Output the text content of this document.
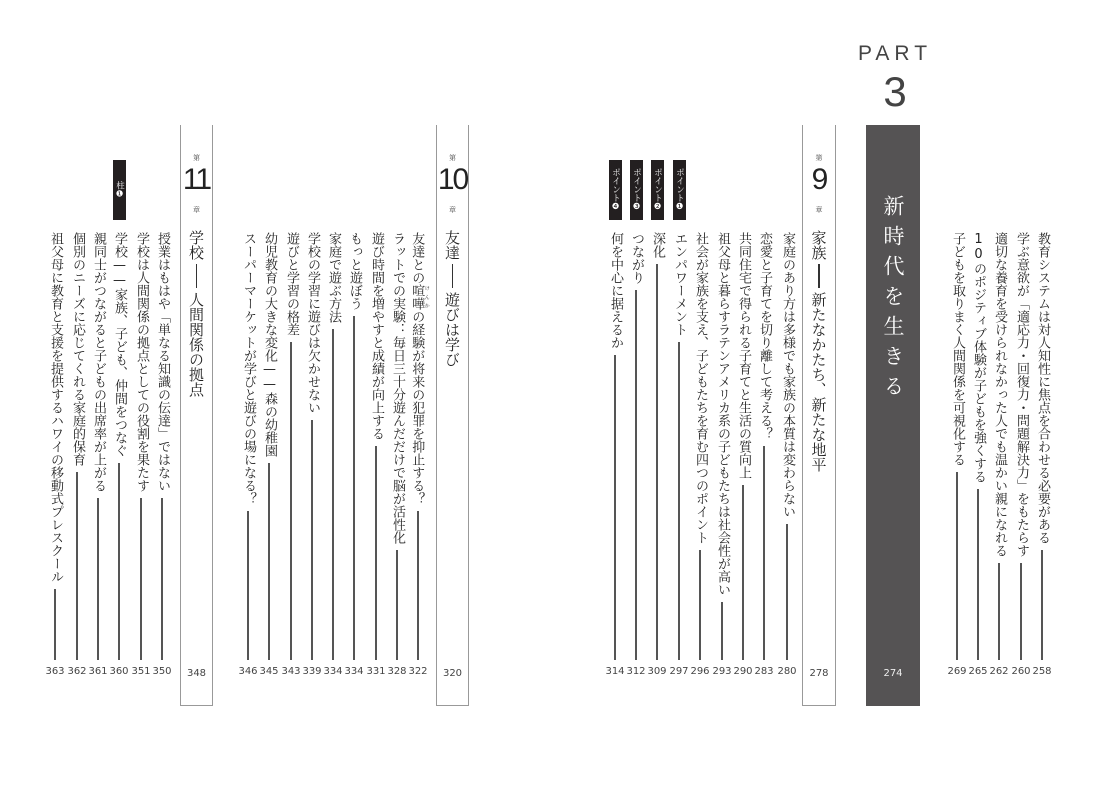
PART
3
新時代を生きる
274
教育システムは対人知性に焦点を合わせる必要がある
258
学ぶ意欲が「適応力・回復力・問題解決力」をもたらす
260
適切な養育を受けられなかった人でも温かい親になれる
262
10のポジティブ体験が子どもを強くする
265
子どもを取りまく人間関係を可視化する
269
第
9
章
家族
新たなかたち、新たな地平
278
家庭のあり方は多様でも家族の本質は変わらない
280
恋愛と子育てを切り離して考える？
283
共同住宅で得られる子育てと生活の質向上
290
祖父母と暮らすラテンアメリカ系の子どもたちは社会性が高い
293
社会が家族を支え、子どもたちを育む四つのポイント
296
エンパワーメント
297
ポイント❶
深化
309
ポイント❷
つながり
312
ポイント❸
何を中心に据えるか
314
ポイント❹
第
10
章
友達
遊びは学び
320
友達との喧嘩 けんかの経験が将来の犯罪を抑止する？
322
ラットでの実験：毎日三十分遊んだだけで脳が活性化
328
遊び時間を増やすと成績が向上する
331
もっと遊ぼう
334
家庭で遊ぶ方法
334
学校の学習に遊びは欠かせない
339
遊びと学習の格差
343
幼児教育の大きな変化——森の幼稚園
345
スーパーマーケットが学びと遊びの場になる？
346
第
11
章
学校
人間関係の拠点
348
授業はもはや「単なる知識の伝達」ではない
350
学校は人間関係の拠点としての役割を果たす
351
学校——家族、子ども、仲間をつなぐ
360
柱❶
親同士がつながると子どもの出席率が上がる
361
個別のニーズに応じてくれる家庭的保育
362
祖父母に教育と支援を提供するハワイの移動式プレスクール
363
